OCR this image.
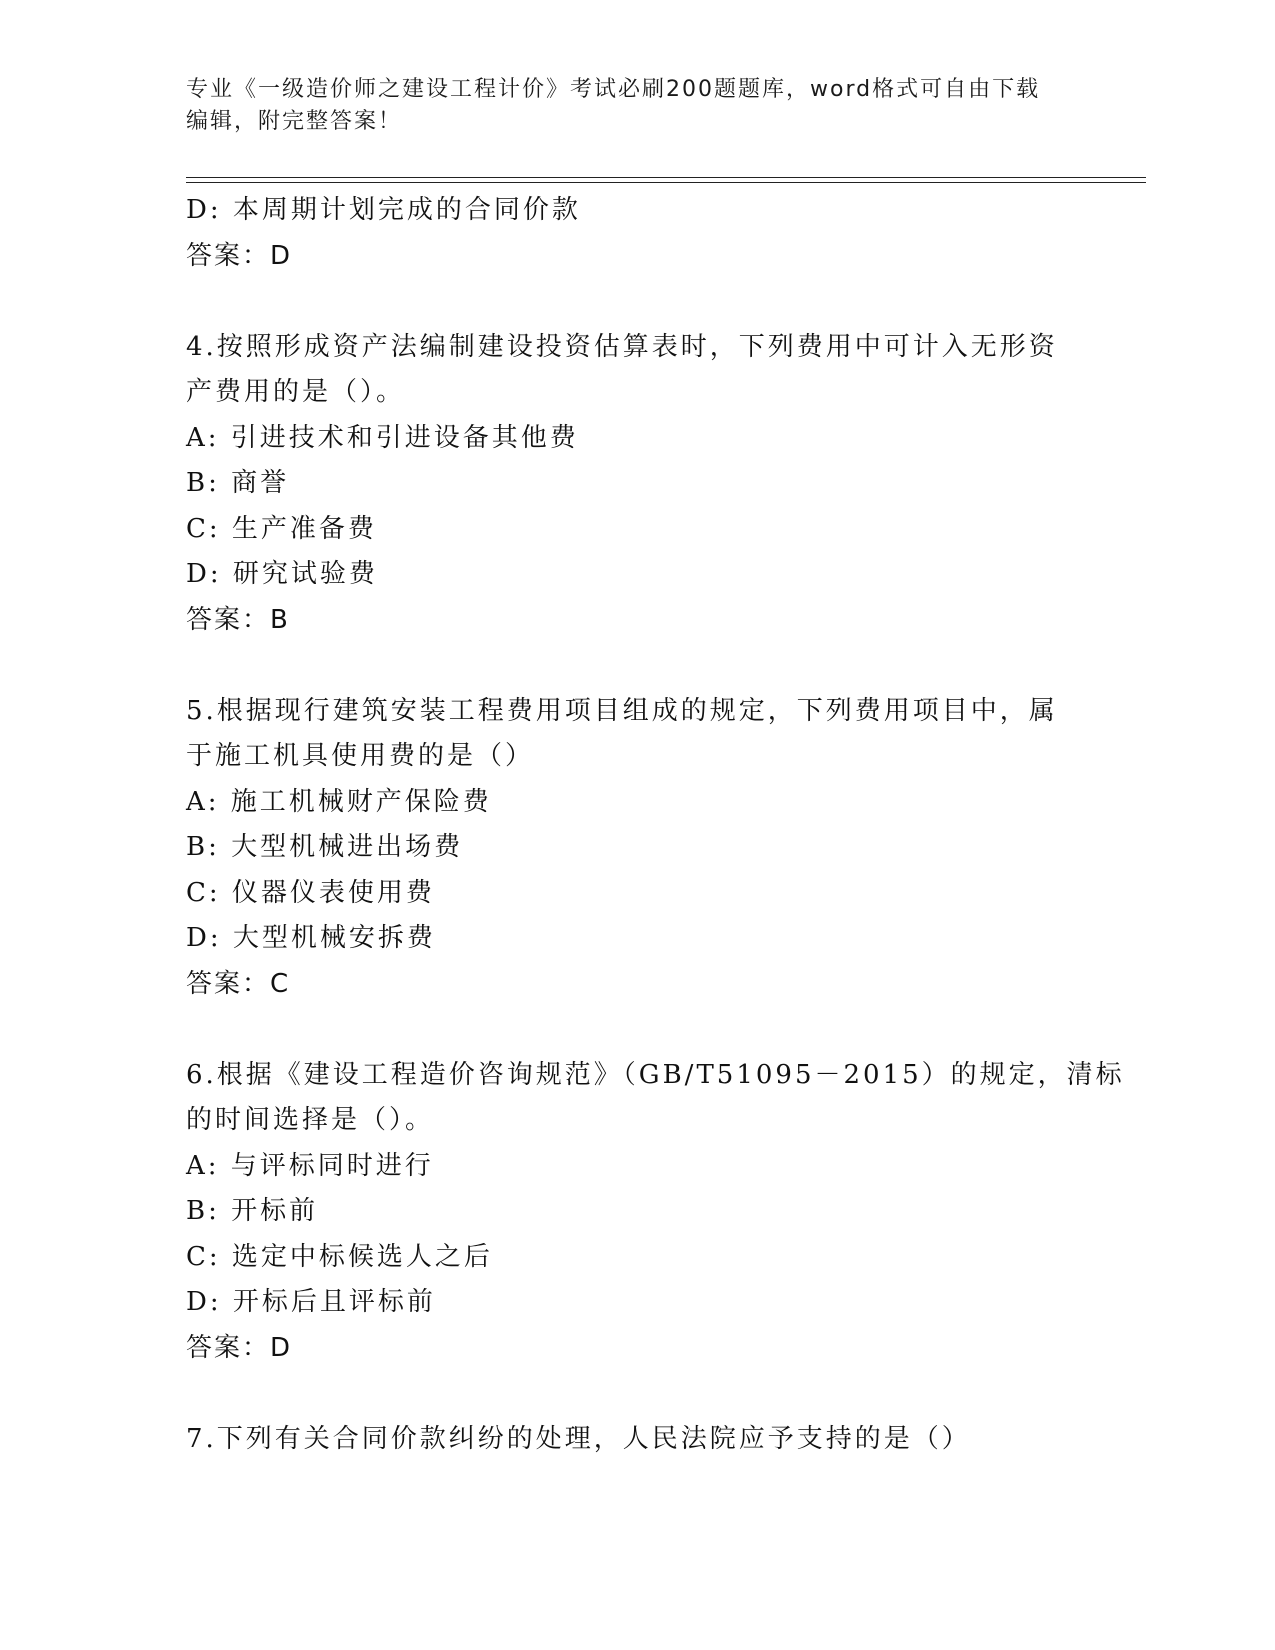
专业《一级造价师之建设工程计价》考试必刷200题题库，word格式可自由下载
编辑，附完整答案！
D: 本周期计划完成的合同价款
答案：D
4.按照形成资产法编制建设投资估算表时，下列费用中可计入无形资
产费用的是（）。
A: 引进技术和引进设备其他费
B: 商誉
C: 生产准备费
D: 研究试验费
答案：B
5.根据现行建筑安装工程费用项目组成的规定，下列费用项目中，属
于施工机具使用费的是（）
A: 施工机械财产保险费
B: 大型机械进出场费
C: 仪器仪表使用费
D: 大型机械安拆费
答案：C
6.根据《建设工程造价咨询规范》（GB/T51095－2015）的规定，清标
的时间选择是（）。
A: 与评标同时进行
B: 开标前
C: 选定中标候选人之后
D: 开标后且评标前
答案：D
7.下列有关合同价款纠纷的处理，人民法院应予支持的是（）
